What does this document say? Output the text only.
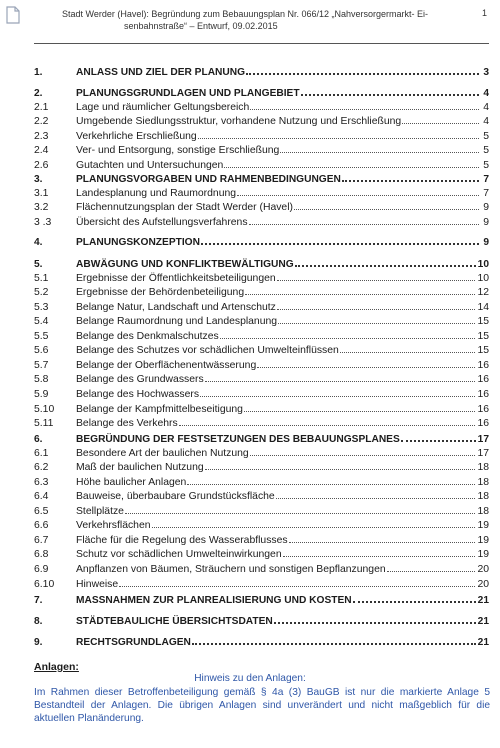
Stadt Werder (Havel): Begründung zum Bebauungsplan Nr. 066/12 „Nahversorgermarkt- Ei-
senbahnstraße“ – Entwurf, 09.02.2015
1
1.	ANLASS UND ZIEL DER PLANUNG	3
2.	PLANUNGSGRUNDLAGEN UND PLANGEBIET	4
2.1	Lage und räumlicher Geltungsbereich	4
2.2	Umgebende Siedlungsstruktur, vorhandene Nutzung und Erschließung	4
2.3	Verkehrliche Erschließung	5
2.4	Ver- und Entsorgung, sonstige Erschließung	5
2.6	Gutachten und Untersuchungen	5
3.	PLANUNGSVORGABEN UND RAHMENBEDINGUNGEN	7
3.1	Landesplanung und Raumordnung	7
3.2	Flächennutzungsplan der Stadt Werder (Havel)	9
3 .3	Übersicht des Aufstellungsverfahrens	9
4.	PLANUNGSKONZEPTION	9
5.	ABWÄGUNG UND KONFLIKTBEWÄLTIGUNG	10
5.1	Ergebnisse der Öffentlichkeitsbeteiligungen	10
5.2	Ergebnisse der Behördenbeteiligung	12
5.3	Belange Natur, Landschaft und Artenschutz	14
5.4	Belange Raumordnung und Landesplanung	15
5.5	Belange des Denkmalschutzes	15
5.6	Belange des Schutzes vor schädlichen Umwelteinflüssen	15
5.7	Belange der Oberflächenentwässerung	16
5.8	Belange des Grundwassers	16
5.9	Belange des Hochwassers	16
5.10	Belange der Kampfmittelbeseitigung	16
5.11	Belange des Verkehrs	16
6.	BEGRÜNDUNG DER FESTSETZUNGEN DES BEBAUUNGSPLANES	17
6.1	Besondere Art der baulichen Nutzung	17
6.2	Maß der baulichen Nutzung	18
6.3	Höhe baulicher Anlagen	18
6.4	Bauweise, überbaubare Grundstücksfläche	18
6.5	Stellplätze	18
6.6	Verkehrsflächen	19
6.7	Fläche für die Regelung des Wasserabflusses	19
6.8	Schutz vor schädlichen Umwelteinwirkungen	19
6.9	Anpflanzen von Bäumen, Sträuchern und sonstigen Bepflanzungen	20
6.10	Hinweise	20
7.	MASSNAHMEN ZUR PLANREALISIERUNG UND KOSTEN	21
8.	STÄDTEBAULICHE ÜBERSICHTSDATEN	21
9.	RECHTSGRUNDLAGEN	21
Anlagen:
Hinweis zu den Anlagen:
Im Rahmen dieser Betroffenbeteiligung gemäß § 4a (3) BauGB ist nur die markierte Anlage 5 Bestandteil der Anlagen. Die übrigen Anlagen sind unverändert und nicht maßgeblich für die aktuellen Planänderung.
